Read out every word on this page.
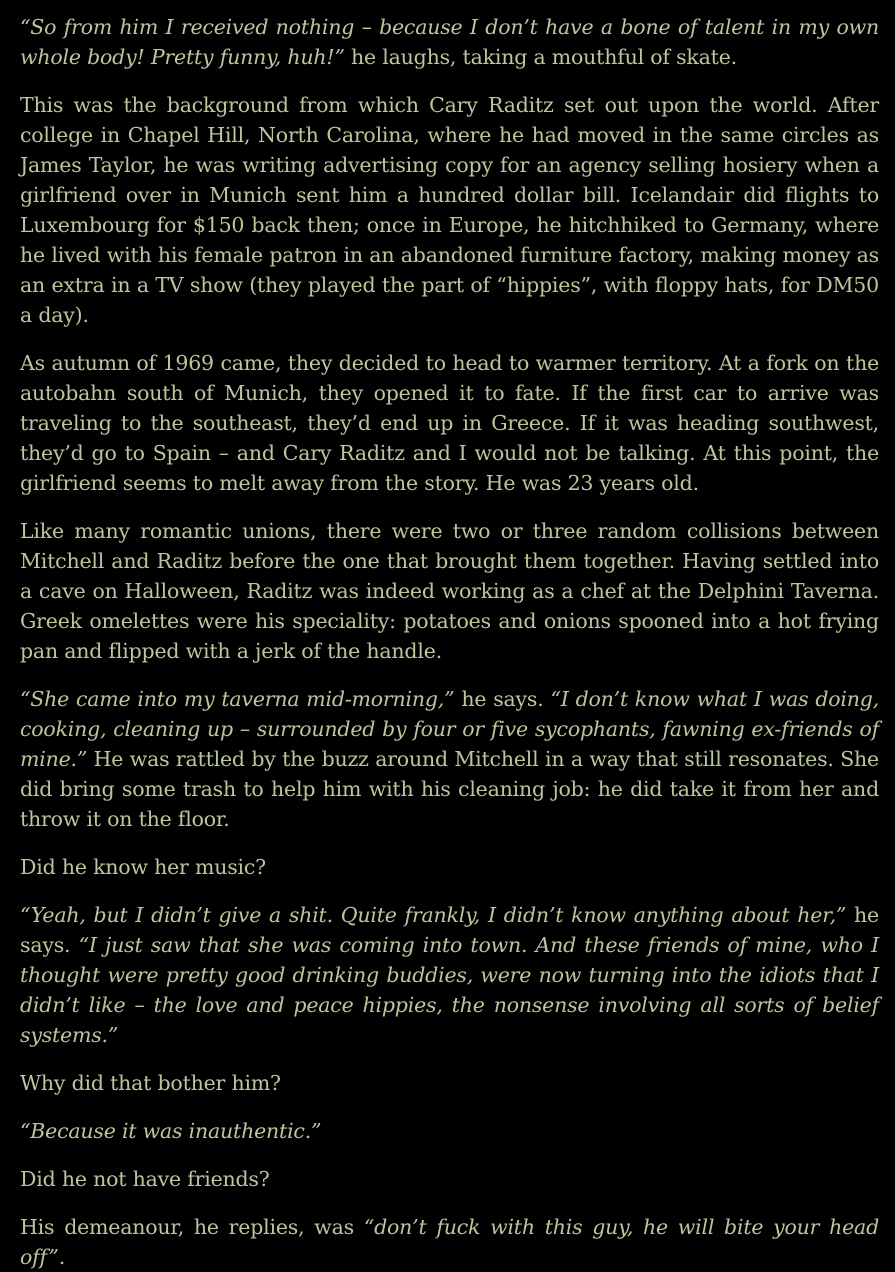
“So from him I received nothing – because I don’t have a bone of talent in my own whole body! Pretty funny, huh!” he laughs, taking a mouthful of skate.

This was the background from which Cary Raditz set out upon the world. After college in Chapel Hill, North Carolina, where he had moved in the same circles as James Taylor, he was writing advertising copy for an agency selling hosiery when a girlfriend over in Munich sent him a hundred dollar bill. Icelandair did flights to Luxembourg for $150 back then; once in Europe, he hitchhiked to Germany, where he lived with his female patron in an abandoned furniture factory, making money as an extra in a TV show (they played the part of “hippies”, with floppy hats, for DM50 a day).

As autumn of 1969 came, they decided to head to warmer territory. At a fork on the autobahn south of Munich, they opened it to fate. If the first car to arrive was traveling to the southeast, they’d end up in Greece. If it was heading southwest, they’d go to Spain – and Cary Raditz and I would not be talking. At this point, the girlfriend seems to melt away from the story. He was 23 years old.

Like many romantic unions, there were two or three random collisions between Mitchell and Raditz before the one that brought them together. Having settled into a cave on Halloween, Raditz was indeed working as a chef at the Delphini Taverna. Greek omelettes were his speciality: potatoes and onions spooned into a hot frying pan and flipped with a jerk of the handle.

“She came into my taverna mid-morning,” he says. “I don’t know what I was doing, cooking, cleaning up – surrounded by four or five sycophants, fawning ex-friends of mine.” He was rattled by the buzz around Mitchell in a way that still resonates. She did bring some trash to help him with his cleaning job: he did take it from her and throw it on the floor.

Did he know her music?

“Yeah, but I didn’t give a shit. Quite frankly, I didn’t know anything about her,” he says. “I just saw that she was coming into town. And these friends of mine, who I thought were pretty good drinking buddies, were now turning into the idiots that I didn’t like – the love and peace hippies, the nonsense involving all sorts of belief systems.”

Why did that bother him?

“Because it was inauthentic.”

Did he not have friends?

His demeanour, he replies, was “don’t fuck with this guy, he will bite your head off”.
